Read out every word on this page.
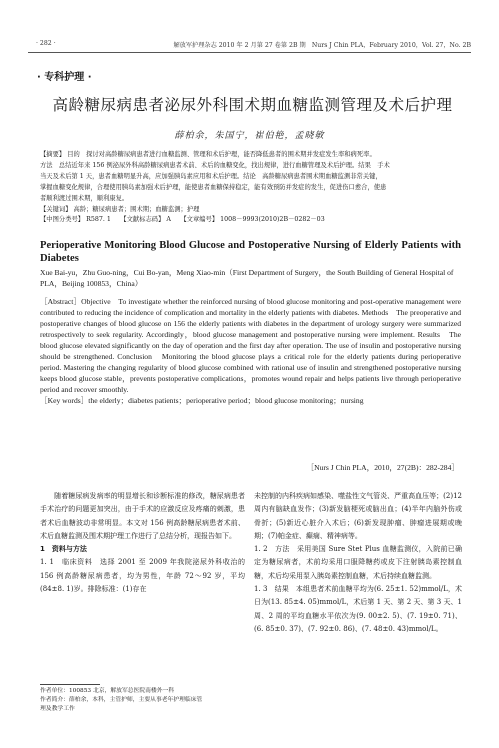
· 282 ·	解放军护理杂志 2010 年 2 月第 27 卷第 2B 期　Nurs J Chin PLA，February 2010，Vol. 27，No. 2B
· 专科护理 ·
高龄糖尿病患者泌尿外科围术期血糖监测管理及术后护理
薛柏余，朱国宁，崔伯艳，孟晓敏
【摘要】 目的　探讨对高龄糖尿病患者进行血糖监测、管理和术后护理，能否降低患者的围术期并发症发生率和病死率。
方法　总结近年来 156 例泌尿外科高龄糖尿病患者术前、术后的血糖变化，找出规律，进行血糖管理及术后护理。结果　手术
当天及术后第 1 天，患者血糖明显升高，应加强胰岛素应用和术后护理。结论　高龄糖尿病患者围术期血糖监测非常关键，
掌握血糖变化规律，合理使用胰岛素加强术后护理，能使患者血糖保持稳定，能有效预防并发症的发生，促进伤口愈合，使患
者顺利渡过围术期，顺利康复。
【关键词】 高龄；糖尿病患者；围术期；血糖监测；护理
【中图分类号】 R587. 1　　【文献标志码】 A　　【文章编号】 1008－9993(2010)2B－0282－03
Perioperative Monitoring Blood Glucose and Postoperative Nursing of Elderly Patients with Diabetes
Xue Bai-yu，Zhu Guo-ning，Cui Bo-yan，Meng Xiao-min（First Department of Surgery，the South Building of General Hospital of PLA，Beijing 100853，China）
［Abstract］Objective　To investigate whether the reinforced nursing of blood glucose monitoring and post-operative management were contributed to reducing the incidence of complication and mortality in the elderly patients with diabetes. Methods　The preoperative and postoperative changes of blood glucose on 156 the elderly patients with diabetes in the department of urology surgery were summarized retrospectively to seek regularity. Accordingly，blood glucose management and postoperative nursing were implement. Results　The blood glucose elevated significantly on the day of operation and the first day after operation. The use of insulin and postoperative nursing should be strengthened. Conclusion　Monitoring the blood glucose plays a critical role for the elderly patients during perioperative period. Mastering the changing regularity of blood glucose combined with rational use of insulin and strengthened postoperative nursing keeps blood glucose stable，prevents postoperative complications，promotes wound repair and helps patients live through perioperative period and recover smoothly.
［Key words］the elderly；diabetes patients；perioperative period；blood glucose monitoring；nursing
［Nurs J Chin PLA，2010，27(2B)：282-284］

　　随着糖尿病发病率的明显增长和诊断标准的修改，糖尿病患者手术治疗的问题更加突出，由于手术的应激反应及疼痛的刺激，患者术后血糖波动非常明显。本文对 156 例高龄糖尿病患者术前、术后血糖监测及围术期护理工作进行了总结分析，现报告如下。

1　资料与方法

1. 1　临床资料　选择 2001 至 2009 年我院泌尿外科收治的 156 例高龄糖尿病患者，均为男性，年龄 72～92 岁，平均(84±8. 1)岁。排除标准：(1)存在

未控制的内科疾病如感染、噬盐性文气管炎、严重高血压等；(2)12 周内有脑缺血发作；(3)新发脑梗死或脑出血；(4)半年内脑外伤或骨折；(5)新近心脏介入术后；(6)新发现肿瘤、肿瘤进展期或晚期；(7)帕金症、癫痫、精神病等。

1. 2　方法　采用美国 Sure Stet Plus 血糖监测仪，入院前已确定为糖尿病者，术前均采用口服降糖药或皮下注射胰岛素控制血糖，术后均采用泵入胰岛素控制血糖，术后持续血糖监测。

1. 3　结果　本组患者术前血糖平均为(6. 25±1. 52)mmol/L，术日为(13. 85±4. 05)mmol/L，术后第 1 天、第 2 天、第 3 天、1 周、2 周的平均血糖水平依次为(9. 00±2. 5)、(7. 19±0. 71)、(6. 85±0. 37)、(7. 92±0. 86)、(7. 48±0. 43)mmol/L。

作者单位：100853 北京，解放军总医院南楼外一科
作者简介：薛柏余，本科，主管护师，主要从事老年护理临床管
理及教学工作
